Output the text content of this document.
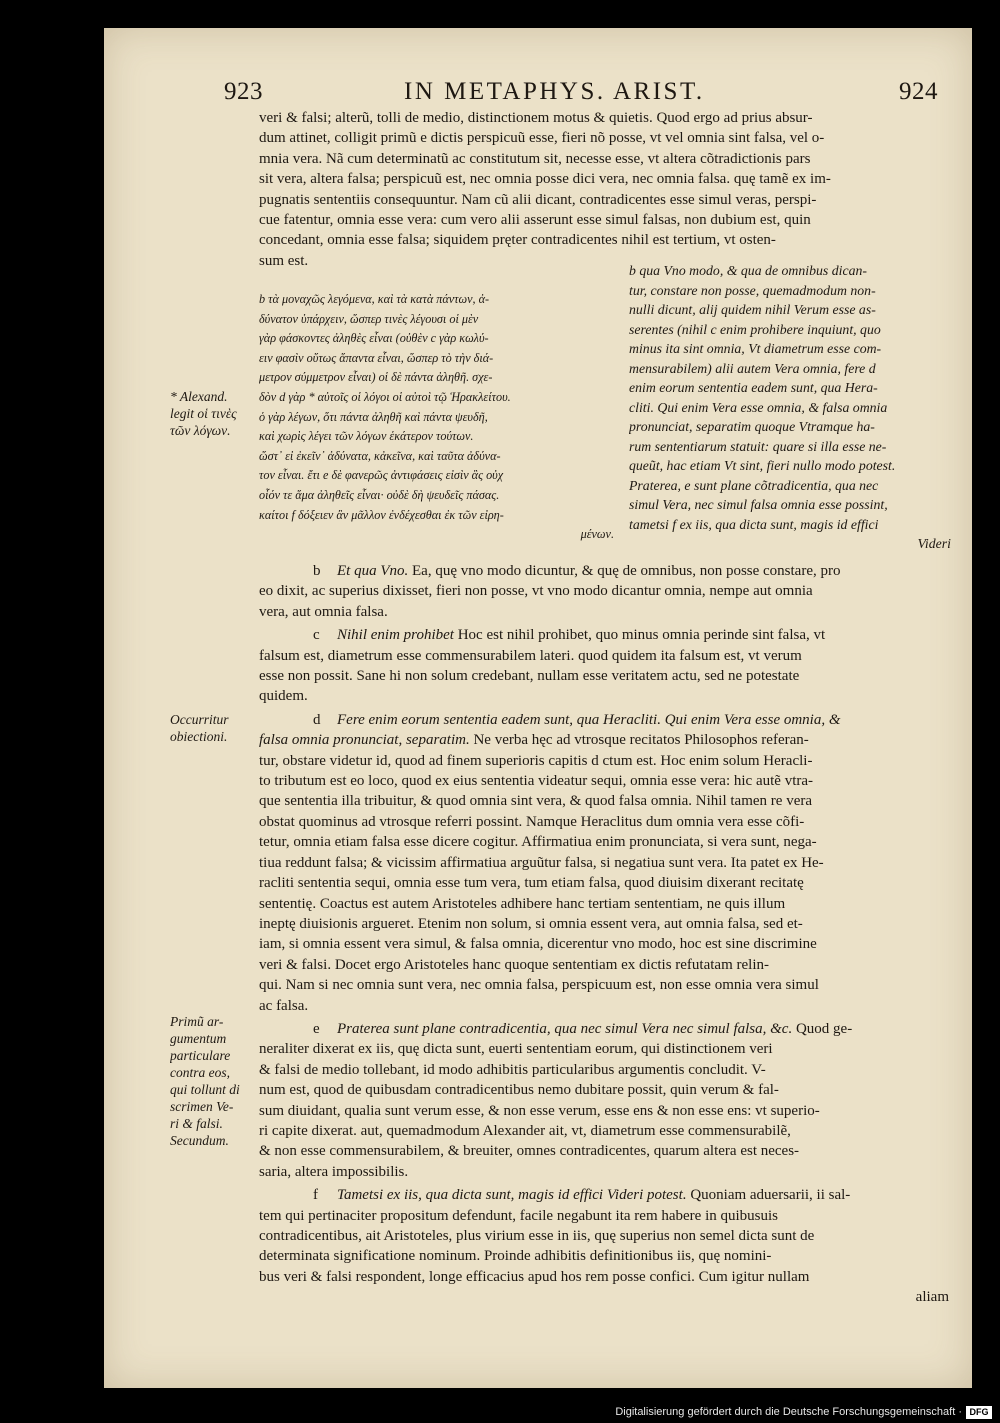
923	IN METAPHYS. ARIST.	924
veri & falsi; alterũ, tolli de medio, distinctionem motus & quietis. Quod ergo ad prius absur-
dum attinet, colligit primũ e dictis perspicuũ esse, fieri nõ posse, vt vel omnia sint falsa, vel o-
mnia vera. Nã cum determinatũ ac constitutum sit, necesse esse, vt altera cõtradictionis pars
sit vera, altera falsa; perspicuũ est, nec omnia posse dici vera, nec omnia falsa. quę tamẽ ex im-
pugnatis sententiis consequuntur. Nam cũ alii dicant, contradicentes esse simul veras, perspi-
cue fatentur, omnia esse vera: cum vero alii asserunt esse simul falsas, non dubium est, quin
concedant, omnia esse falsa; siquidem pręter contradicentes nihil est tertium, vt osten-
sum est.
b τὰ μοναχῶς λεγόμενα, καὶ τὰ κατὰ πάντων, ἀ-
δύνατον ὑπάρχειν, ὥσπερ τινὲς λέγουσι οἱ μὲν
γὰρ φάσκοντες ἀληθὲς εἶναι (οὐθὲν c γὰρ κωλύ-
ειν φασὶν οὕτως ἅπαντα εἶναι, ὥσπερ τὸ τὴν διά-
μετρον σύμμετρον εἶναι) οἱ δὲ πάντα ἀληθῆ. σχε-
δὸν d γὰρ * αὐτοῖς οἱ λόγοι οἱ αὐτοὶ τῷ Ἡρακλείτου.
ὁ γὰρ λέγων, ὅτι πάντα ἀληθῆ καὶ πάντα ψευδῆ,
καὶ χωρὶς λέγει τῶν λόγων ἑκάτερον τούτων.
ὥστ᾽ εἰ ἐκεῖν᾽ ἀδύνατα, κἀκεῖνα, καὶ ταῦτα ἀδύνα-
τον εἶναι. ἔτι e δὲ φανερῶς ἀντιφάσεις εἰσὶν ἃς οὐχ
οἷόν τε ἅμα ἀληθεῖς εἶναι· οὐδὲ δὴ ψευδεῖς πάσας.
καίτοι f δόξειεν ἂν μᾶλλον ἐνδέχεσθαι ἐκ τῶν εἰρη-
μένων.
b qua Vno modo, & qua de omnibus dican-
tur, constare non posse, quemadmodum non-
nulli dicunt, alij quidem nihil Verum esse as-
serentes (nihil c enim prohibere inquiunt, quo
minus ita sint omnia, Vt diametrum esse com-
mensurabilem) alii autem Vera omnia, fere d
enim eorum sententia eadem sunt, qua Hera-
cliti. Qui enim Vera esse omnia, & falsa omnia
pronunciat, separatim quoque Vtramque ha-
rum sententiarum statuit: quare si illa esse ne-
queũt, hac etiam Vt sint, fieri nullo modo potest.
Praterea, e sunt plane cõtradicentia, qua nec
simul Vera, nec simul falsa omnia esse possint,
tametsi f ex iis, qua dicta sunt, magis id effici
Videri
* Alexand.
legit οἱ τινὲς
τῶν λόγων.
Occurritur
obiectioni.
Primũ ar-
gumentum
particulare
contra eos,
qui tollunt di
scrimen Ve-
ri & falsi.
Secundum.
b Et qua Vno. Ea, quę vno modo dicuntur, & quę de omnibus, non posse constare, pro
eo dixit, ac superius dixisset, fieri non posse, vt vno modo dicantur omnia, nempe aut omnia
vera, aut omnia falsa.
c Nihil enim prohibet Hoc est nihil prohibet, quo minus omnia perinde sint falsa, vt
falsum est, diametrum esse commensurabilem lateri. quod quidem ita falsum est, vt verum
esse non possit. Sane hi non solum credebant, nullam esse veritatem actu, sed ne potestate
quidem.
d Fere enim eorum sententia eadem sunt, qua Heracliti. Qui enim Vera esse omnia, &
falsa omnia pronunciat, separatim. Ne verba hęc ad vtrosque recitatos Philosophos referan-
tur, obstare videtur id, quod ad finem superioris capitis d ctum est. Hoc enim solum Heracli-
to tributum est eo loco, quod ex eius sententia videatur sequi, omnia esse vera: hic autẽ vtra-
que sententia illa tribuitur, & quod omnia sint vera, & quod falsa omnia. Nihil tamen re vera
obstat quominus ad vtrosque referri possint. Namque Heraclitus dum omnia vera esse cõfi-
tetur, omnia etiam falsa esse dicere cogitur. Affirmatiua enim pronunciata, si vera sunt, nega-
tiua reddunt falsa; & vicissim affirmatiua arguũtur falsa, si negatiua sunt vera. Ita patet ex He-
racliti sententia sequi, omnia esse tum vera, tum etiam falsa, quod diuisim dixerant recitatę
sententię. Coactus est autem Aristoteles adhibere hanc tertiam sententiam, ne quis illum
ineptę diuisionis argueret. Etenim non solum, si omnia essent vera, aut omnia falsa, sed et-
iam, si omnia essent vera simul, & falsa omnia, dicerentur vno modo, hoc est sine discrimine
veri & falsi. Docet ergo Aristoteles hanc quoque sententiam ex dictis refutatam relin-
qui. Nam si nec omnia sunt vera, nec omnia falsa, perspicuum est, non esse omnia vera simul
ac falsa.
e Praterea sunt plane contradicentia, qua nec simul Vera nec simul falsa, &c. Quod ge-
neraliter dixerat ex iis, quę dicta sunt, euerti sententiam eorum, qui distinctionem veri
& falsi de medio tollebant, id modo adhibitis particularibus argumentis concludit. V-
num est, quod de quibusdam contradicentibus nemo dubitare possit, quin verum & fal-
sum diuidant, qualia sunt verum esse, & non esse verum, esse ens & non esse ens: vt superio-
ri capite dixerat. aut, quemadmodum Alexander ait, vt, diametrum esse commensurabilẽ,
& non esse commensurabilem, & breuiter, omnes contradicentes, quarum altera est neces-
saria, altera impossibilis.
f Tametsi ex iis, qua dicta sunt, magis id effici Videri potest. Quoniam aduersarii, ii sal-
tem qui pertinaciter propositum defendunt, facile negabunt ita rem habere in quibusuis
contradicentibus, ait Aristoteles, plus virium esse in iis, quę superius non semel dicta sunt de
determinata significatione nominum. Proinde adhibitis definitionibus iis, quę nomini-
bus veri & falsi respondent, longe efficacius apud hos rem posse confici. Cum igitur nullam
aliam
Digitalisierung gefördert durch die Deutsche Forschungsgemeinschaft · DFG
